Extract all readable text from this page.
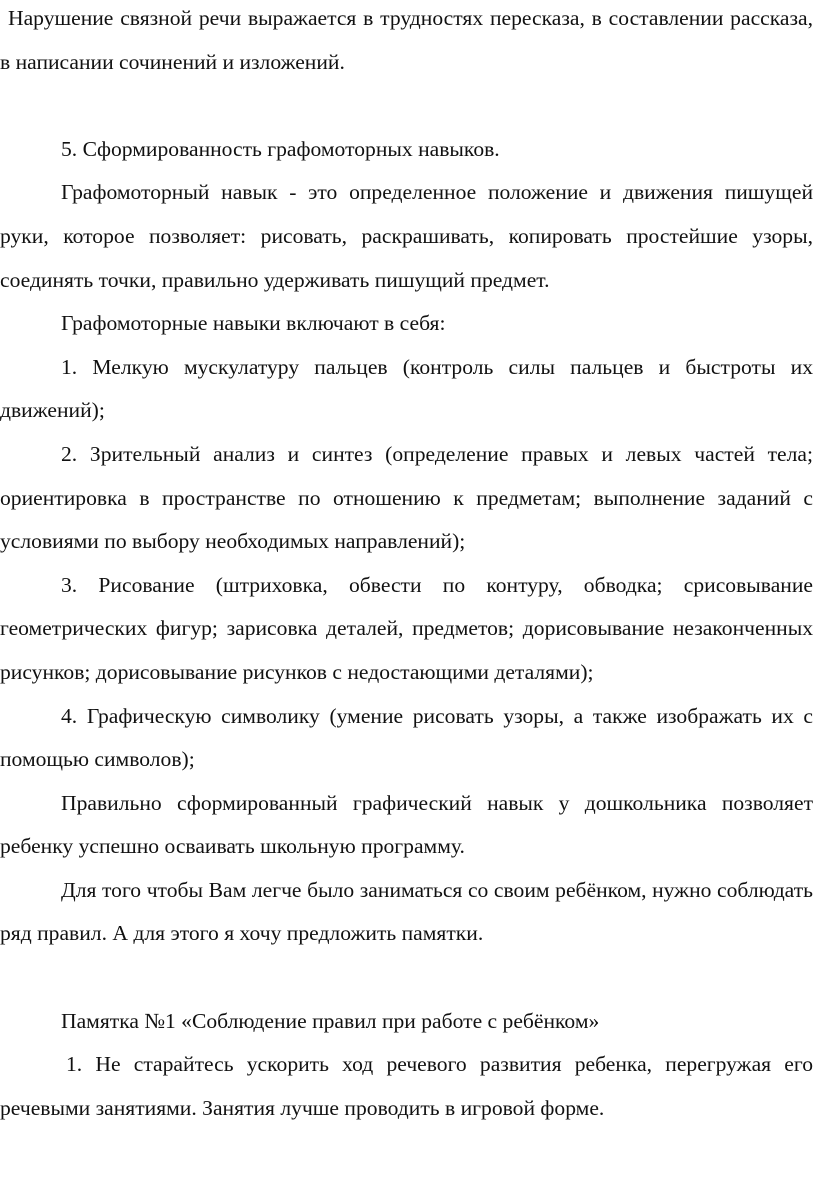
Нарушение связной речи выражается в трудностях пересказа, в составлении рассказа, в написании сочинений и изложений.

5. Сформированность графомоторных навыков.

Графомоторный навык - это определенное положение и движения пишущей руки, которое позволяет: рисовать, раскрашивать, копировать простейшие узоры, соединять точки, правильно удерживать пишущий предмет.

Графомоторные навыки включают в себя:

1. Мелкую мускулатуру пальцев (контроль силы пальцев и быстроты их движений);

2. Зрительный анализ и синтез (определение правых и левых частей тела; ориентировка в пространстве по отношению к предметам; выполнение заданий с условиями по выбору необходимых направлений);

3. Рисование (штриховка, обвести по контуру, обводка; срисовывание геометрических фигур; зарисовка деталей, предметов; дорисовывание незаконченных рисунков; дорисовывание рисунков с недостающими деталями);

4. Графическую символику (умение рисовать узоры, а также изображать их с помощью символов);

Правильно сформированный графический навык у дошкольника позволяет ребенку успешно осваивать школьную программу.

Для того чтобы Вам легче было заниматься со своим ребёнком, нужно соблюдать ряд правил. А для этого я хочу предложить памятки.

Памятка №1 «Соблюдение правил при работе с ребёнком»

1. Не старайтесь ускорить ход речевого развития ребенка, перегружая его речевыми занятиями. Занятия лучше проводить в игровой форме.
